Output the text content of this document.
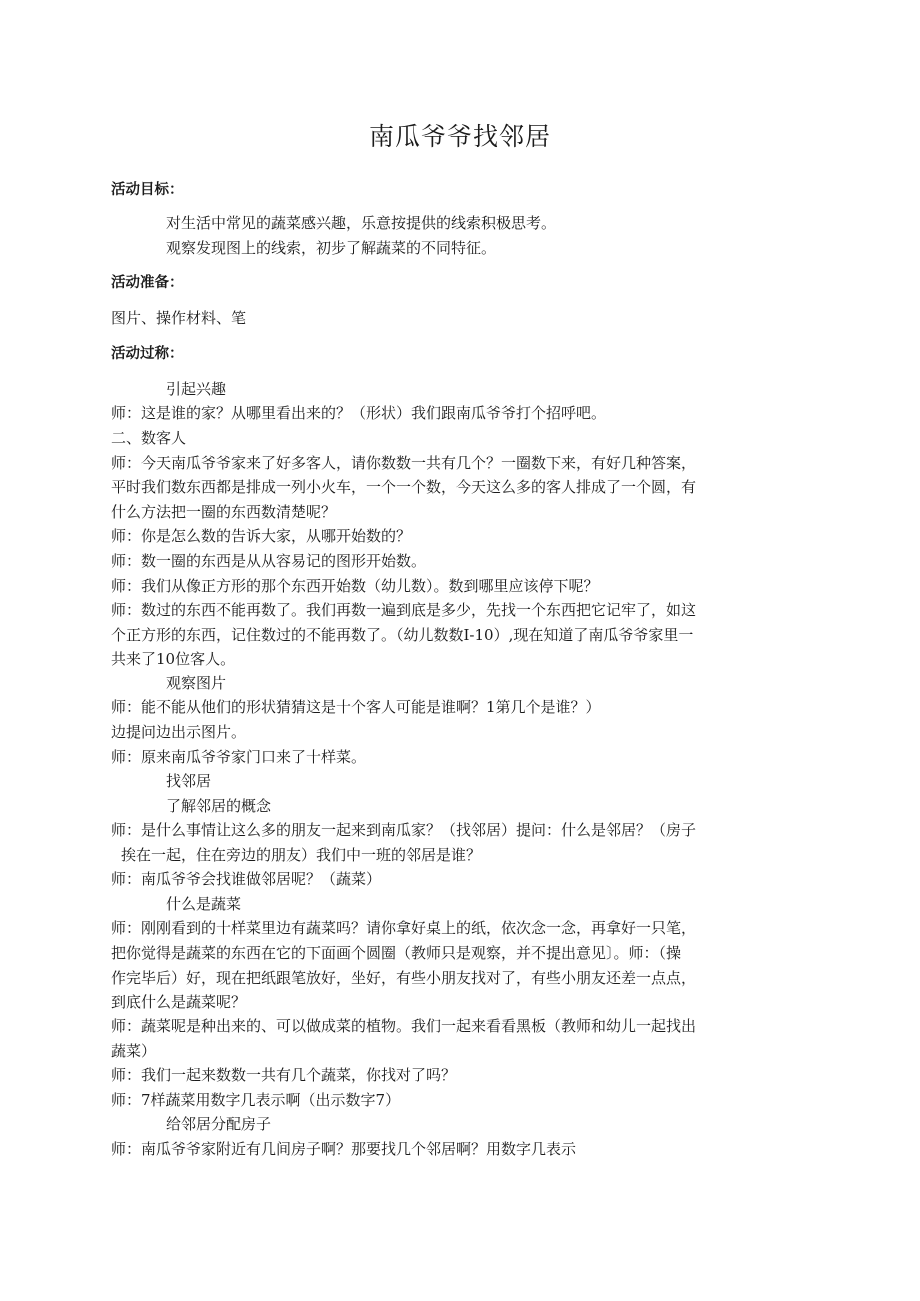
南瓜爷爷找邻居
活动目标：
对生活中常见的蔬菜感兴趣，乐意按提供的线索积极思考。
观察发现图上的线索，初步了解蔬菜的不同特征。
活动准备：
图片、操作材料、笔
活动过称：
引起兴趣
师：这是谁的家？从哪里看出来的？（形状）我们跟南瓜爷爷打个招呼吧。
二、数客人
师：今天南瓜爷爷家来了好多客人，请你数数一共有几个？一圈数下来，有好几种答案，
平时我们数东西都是排成一列小火车，一个一个数，今天这么多的客人排成了一个圆，有
什么方法把一圈的东西数清楚呢？
师：你是怎么数的告诉大家，从哪开始数的？
师：数一圈的东西是从从容易记的图形开始数。
师：我们从像正方形的那个东西开始数（幼儿数）。数到哪里应该停下呢？
师：数过的东西不能再数了。我们再数一遍到底是多少，先找一个东西把它记牢了，如这
个正方形的东西，记住数过的不能再数了。（幼儿数数I-10）,现在知道了南瓜爷爷家里一
共来了10位客人。
观察图片
师：能不能从他们的形状猜猜这是十个客人可能是谁啊？1第几个是谁？）
边提问边出示图片。
师：原来南瓜爷爷家门口来了十样菜。
找邻居
了解邻居的概念
师：是什么事情让这么多的朋友一起来到南瓜家？（找邻居）提问：什么是邻居？（房子
挨在一起，住在旁边的朋友）我们中一班的邻居是谁？
师：南瓜爷爷会找谁做邻居呢？（蔬菜）
什么是蔬菜
师：刚刚看到的十样菜里边有蔬菜吗？请你拿好桌上的纸，依次念一念，再拿好一只笔，
把你觉得是蔬菜的东西在它的下面画个圆圈（教师只是观察，并不提出意见〕。师：（操
作完毕后）好，现在把纸跟笔放好，坐好，有些小朋友找对了，有些小朋友还差一点点，
到底什么是蔬菜呢？
师：蔬菜呢是种出来的、可以做成菜的植物。我们一起来看看黑板（教师和幼儿一起找出
蔬菜）
师：我们一起来数数一共有几个蔬菜，你找对了吗？
师：7样蔬菜用数字几表示啊（出示数字7）
给邻居分配房子
师：南瓜爷爷家附近有几间房子啊？那要找几个邻居啊？用数字几表示
